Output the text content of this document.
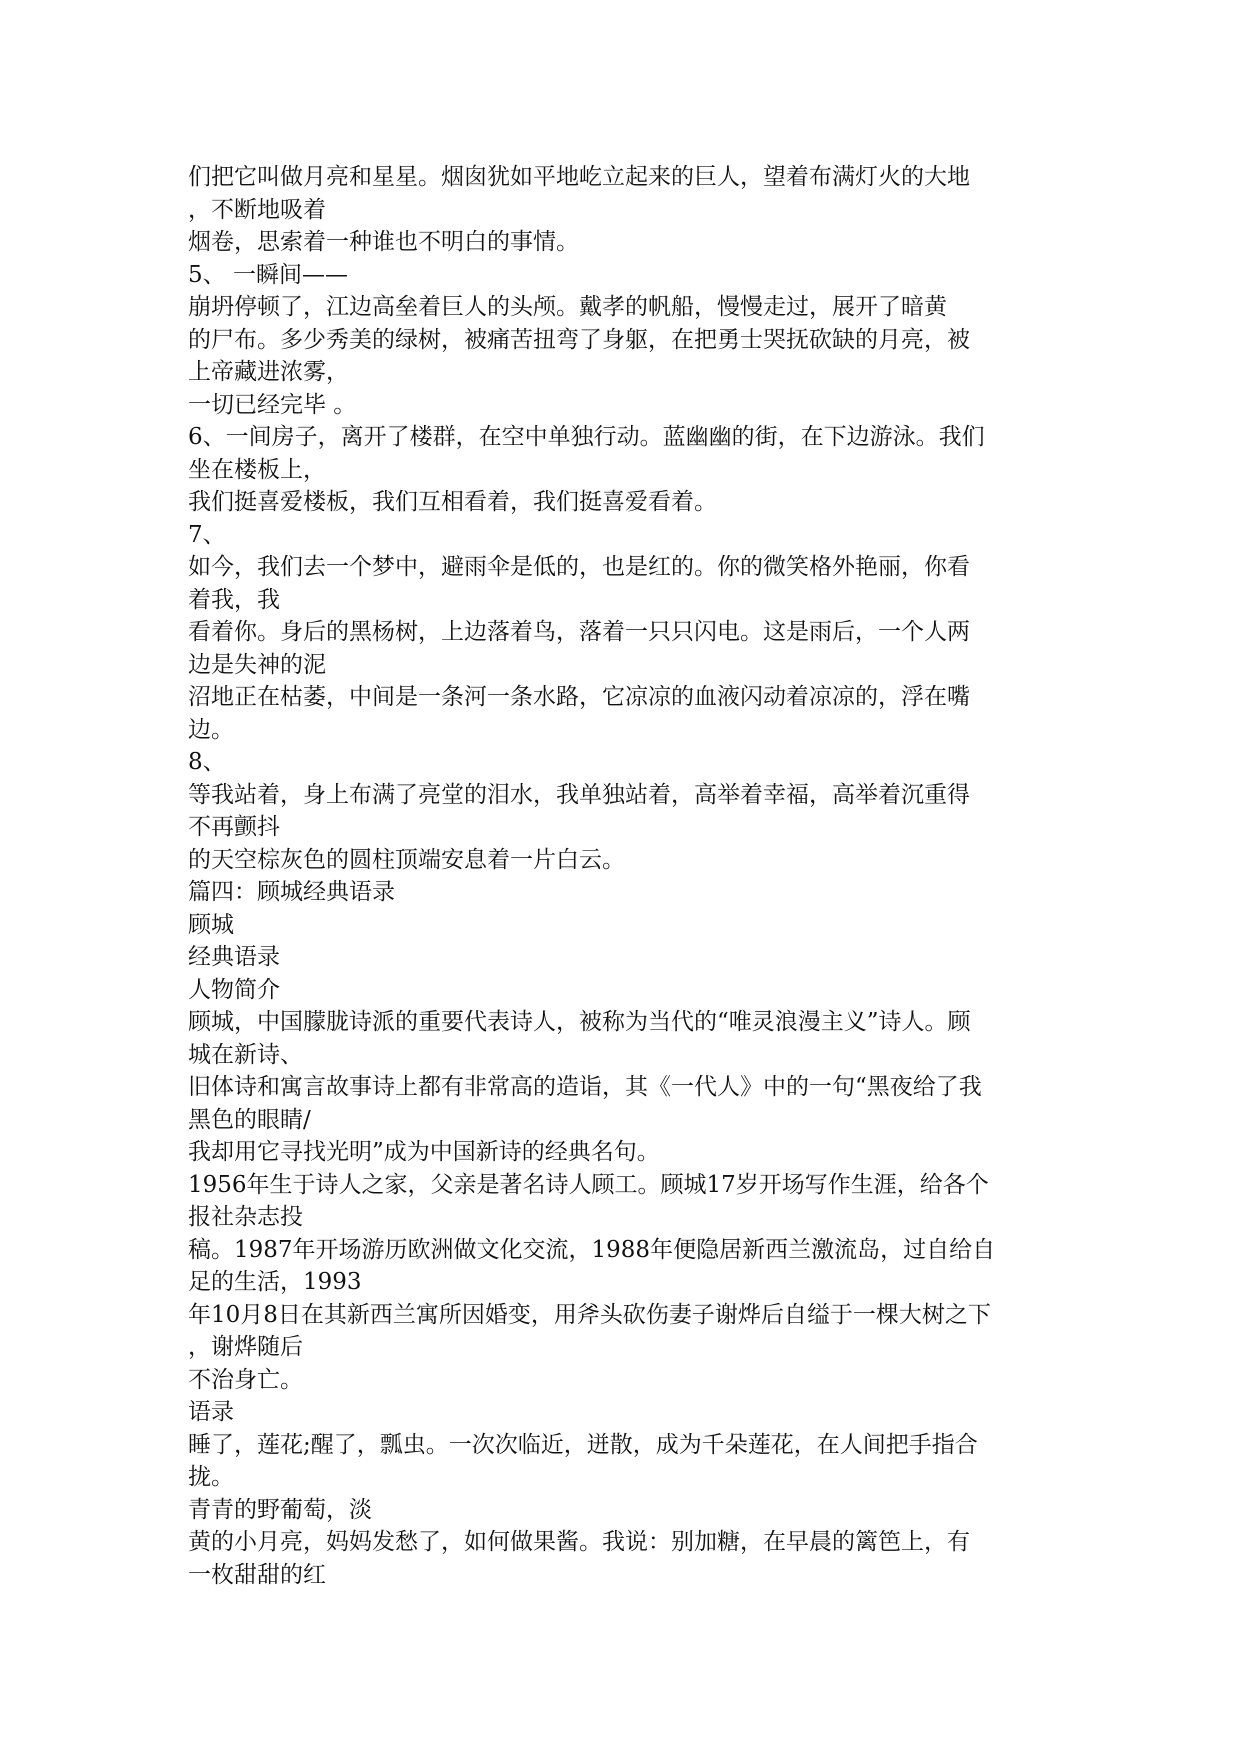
们把它叫做月亮和星星。烟囱犹如平地屹立起来的巨人，望着布满灯火的大地
，不断地吸着
烟卷，思索着一种谁也不明白的事情。
5、 一瞬间——
崩坍停顿了，江边高垒着巨人的头颅。戴孝的帆船，慢慢走过，展开了暗黄
的尸布。多少秀美的绿树，被痛苦扭弯了身躯，在把勇士哭抚砍缺的月亮，被
上帝藏进浓雾，
一切已经完毕 。
6、一间房子，离开了楼群，在空中单独行动。蓝幽幽的街，在下边游泳。我们
坐在楼板上，
我们挺喜爱楼板，我们互相看着，我们挺喜爱看着。
7、
如今，我们去一个梦中，避雨伞是低的，也是红的。你的微笑格外艳丽，你看
着我，我
看着你。身后的黑杨树，上边落着鸟，落着一只只闪电。这是雨后，一个人两
边是失神的泥
沼地正在枯萎，中间是一条河一条水路，它凉凉的血液闪动着凉凉的，浮在嘴
边。
8、
等我站着，身上布满了亮堂的泪水，我单独站着，高举着幸福，高举着沉重得
不再颤抖
的天空棕灰色的圆柱顶端安息着一片白云。
篇四：顾城经典语录
顾城
经典语录
人物简介
顾城，中国朦胧诗派的重要代表诗人，被称为当代的“唯灵浪漫主义”诗人。顾
城在新诗、
旧体诗和寓言故事诗上都有非常高的造诣，其《一代人》中的一句“黑夜给了我
黑色的眼睛/
我却用它寻找光明”成为中国新诗的经典名句。
1956年生于诗人之家，父亲是著名诗人顾工。顾城17岁开场写作生涯，给各个
报社杂志投
稿。1987年开场游历欧洲做文化交流，1988年便隐居新西兰激流岛，过自给自
足的生活，1993
年10月8日在其新西兰寓所因婚变，用斧头砍伤妻子谢烨后自缢于一棵大树之下
，谢烨随后
不治身亡。
语录
睡了，莲花;醒了，瓢虫。一次次临近，迸散，成为千朵莲花，在人间把手指合
拢。
青青的野葡萄，淡
黄的小月亮，妈妈发愁了，如何做果酱。我说：别加糖，在早晨的篱笆上，有
一枚甜甜的红
